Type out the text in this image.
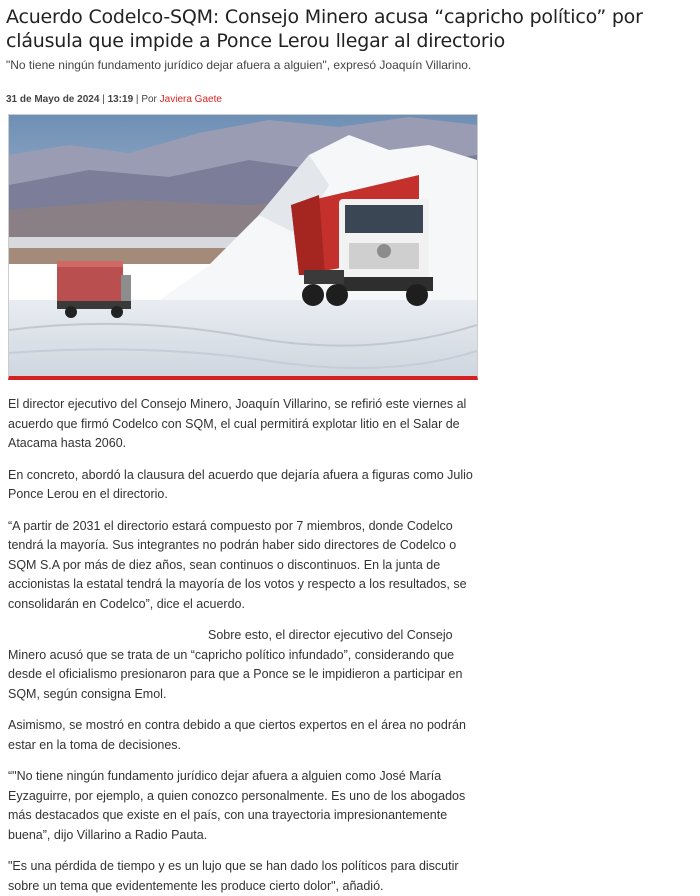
Acuerdo Codelco-SQM: Consejo Minero acusa “capricho político” por cláusula que impide a Ponce Lerou llegar al directorio

"No tiene ningún fundamento jurídico dejar afuera a alguien", expresó Joaquín Villarino.

31 de Mayo de 2024 | 13:19 | Por Javiera Gaete

El director ejecutivo del Consejo Minero, Joaquín Villarino, se refirió este viernes al acuerdo que firmó Codelco con SQM, el cual permitirá explotar litio en el Salar de Atacama hasta 2060.

En concreto, abordó la clausura del acuerdo que dejaría afuera a figuras como Julio Ponce Lerou en el directorio.

“A partir de 2031 el directorio estará compuesto por 7 miembros, donde Codelco tendrá la mayoría. Sus integrantes no podrán haber sido directores de Codelco o SQM S.A por más de diez años, sean continuos o discontinuos. En la junta de accionistas la estatal tendrá la mayoría de los votos y respecto a los resultados, se consolidarán en Codelco”, dice el acuerdo.

Sobre esto, el director ejecutivo del Consejo Minero acusó que se trata de un “capricho político infundado”, considerando que desde el oficialismo presionaron para que a Ponce se le impidieron a participar en SQM, según consigna Emol.

Asimismo, se mostró en contra debido a que ciertos expertos en el área no podrán estar en la toma de decisiones.

“"No tiene ningún fundamento jurídico dejar afuera a alguien como José María Eyzaguirre, por ejemplo, a quien conozco personalmente. Es uno de los abogados más destacados que existe en el país, con una trayectoria impresionantemente buena”, dijo Villarino a Radio Pauta.

"Es una pérdida de tiempo y es un lujo que se han dado los políticos para discutir sobre un tema que evidentemente les produce cierto dolor", añadió.
